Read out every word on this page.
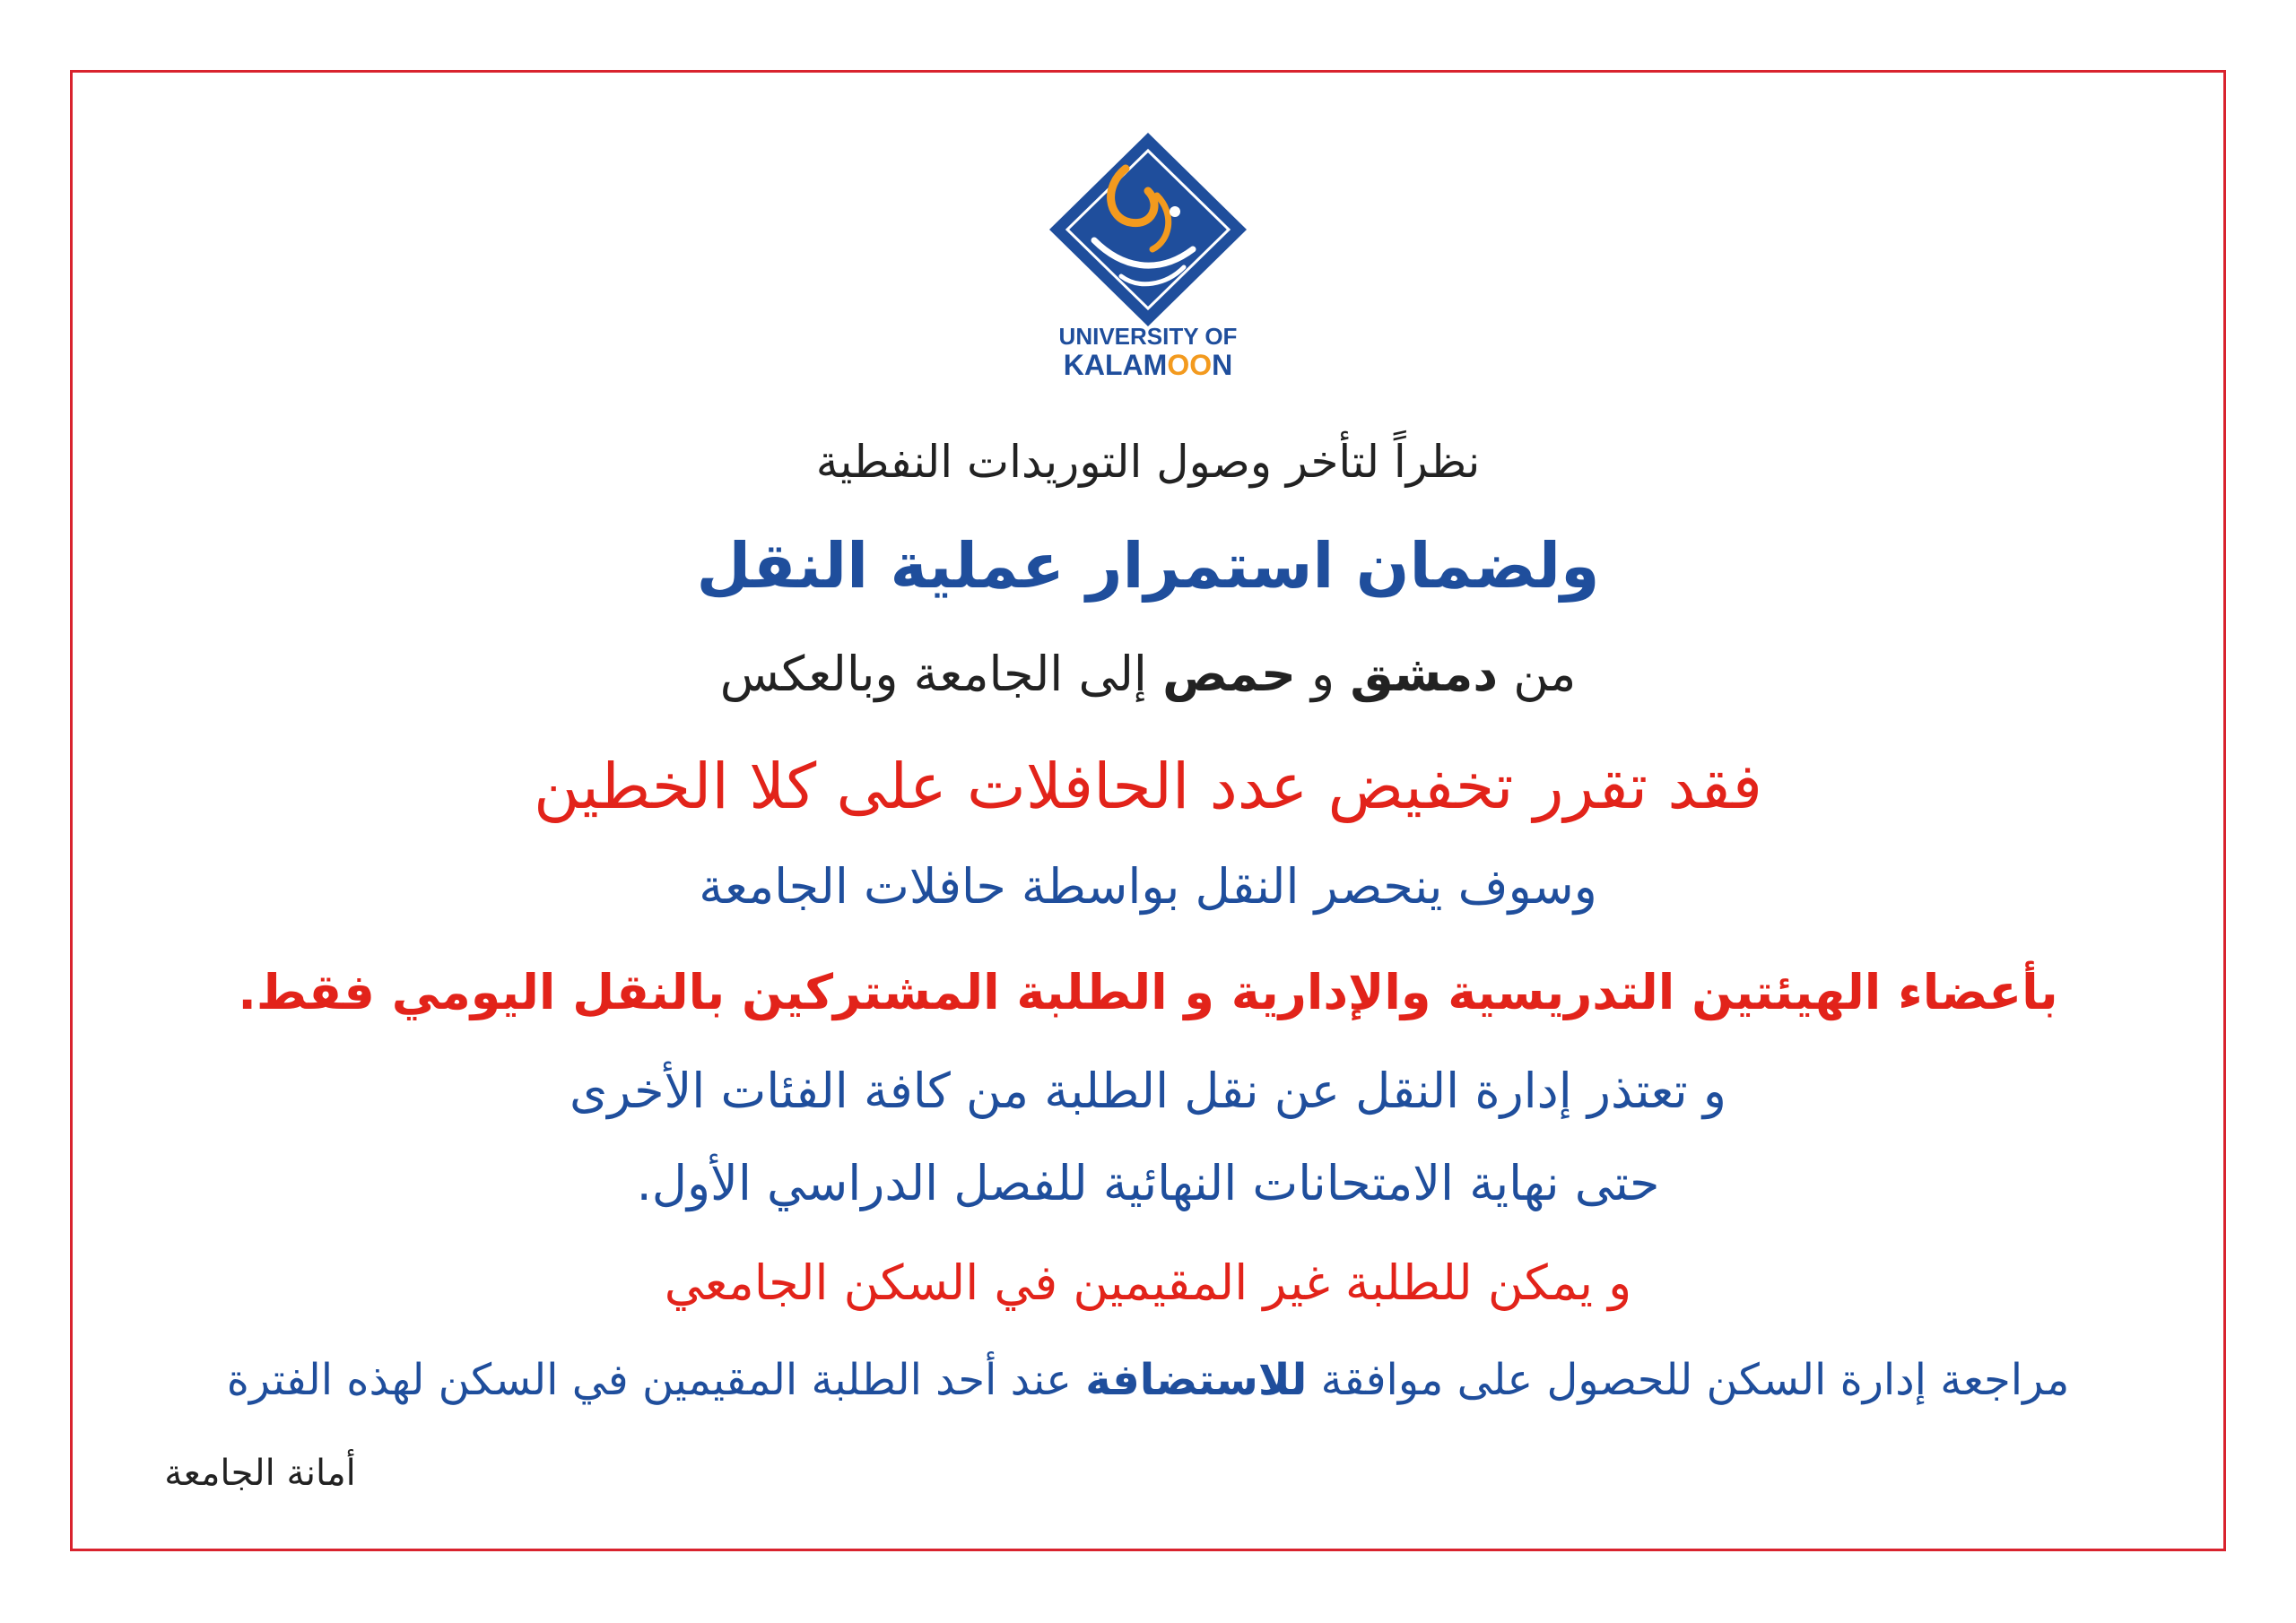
UNIVERSITY OF
KALAMOON
نظراً لتأخر وصول التوريدات النفطية
ولضمان استمرار عملية النقل
من دمشق و حمص إلى الجامعة وبالعكس
فقد تقرر تخفيض عدد الحافلات على كلا الخطين
وسوف ينحصر النقل بواسطة حافلات الجامعة
بأعضاء الهيئتين التدريسية والإدارية و الطلبة المشتركين بالنقل اليومي فقط.
و تعتذر إدارة النقل عن نقل الطلبة من كافة الفئات الأخرى
حتى نهاية الامتحانات النهائية للفصل الدراسي الأول.
و يمكن للطلبة غير المقيمين في السكن الجامعي
مراجعة إدارة السكن للحصول على موافقة للاستضافة عند أحد الطلبة المقيمين في السكن لهذه الفترة
أمانة الجامعة
